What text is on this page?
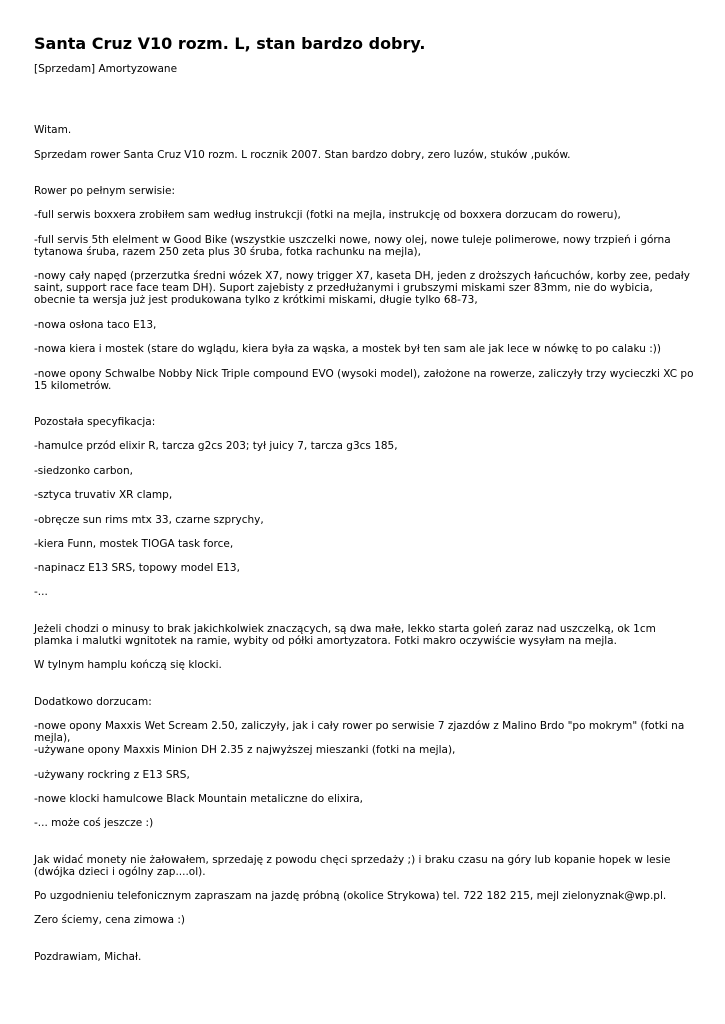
Santa Cruz V10 rozm. L, stan bardzo dobry.
[Sprzedam] Amortyzowane

Witam.

Sprzedam rower Santa Cruz V10 rozm. L rocznik 2007. Stan bardzo dobry, zero luzów, stuków ,puków.

Rower po pełnym serwisie:

-full serwis boxxera zrobiłem sam według instrukcji (fotki na mejla, instrukcję od boxxera dorzucam do roweru),

-full servis 5th elelment w Good Bike (wszystkie uszczelki nowe, nowy olej, nowe tuleje polimerowe, nowy trzpień i górna tytanowa śruba, razem 250 zeta plus 30 śruba, fotka rachunku na mejla),

-nowy cały napęd (przerzutka średni wózek X7, nowy trigger X7, kaseta DH, jeden z droższych łańcuchów, korby zee, pedały saint, support race face team DH). Suport zajebisty z przedłużanymi i grubszymi miskami szer 83mm, nie do wybicia, obecnie ta wersja już jest produkowana tylko z krótkimi miskami, długie tylko 68-73,

-nowa osłona taco E13,

-nowa kiera i mostek (stare do wglądu, kiera była za wąska, a mostek był ten sam ale jak lece w nówkę to po calaku :))

-nowe opony Schwalbe Nobby Nick Triple compound EVO (wysoki model), założone na rowerze, zaliczyły trzy wycieczki XC po 15 kilometrów.

Pozostała specyfikacja:

-hamulce przód elixir R, tarcza g2cs 203; tył juicy 7, tarcza g3cs 185,

-siedzonko carbon,

-sztyca truvativ XR clamp,

-obręcze sun rims mtx 33, czarne szprychy,

-kiera Funn, mostek TIOGA task force,

-napinacz E13 SRS, topowy model E13,

-...

Jeżeli chodzi o minusy to brak jakichkolwiek znaczących, są dwa małe, lekko starta goleń zaraz nad uszczelką, ok 1cm plamka i malutki wgnitotek na ramie, wybity od półki amortyzatora. Fotki makro oczywiście wysyłam na mejla.

W tylnym hamplu kończą się klocki.

Dodatkowo dorzucam:

-nowe opony Maxxis Wet Scream 2.50, zaliczyły, jak i cały rower po serwisie 7 zjazdów z Malino Brdo "po mokrym" (fotki na mejla),

-używane opony Maxxis Minion DH 2.35 z najwyższej mieszanki (fotki na mejla),

-używany rockring z E13 SRS,

-nowe klocki hamulcowe Black Mountain metaliczne do elixira,

-... może coś jeszcze :)

Jak widać monety nie żałowałem, sprzedaję z powodu chęci sprzedaży ;) i braku czasu na góry lub kopanie hopek w lesie (dwójka dzieci i ogólny zap....ol).

Po uzgodnieniu telefonicznym zapraszam na jazdę próbną (okolice Strykowa) tel. 722 182 215, mejl zielonyznak@wp.pl.

Zero ściemy, cena zimowa :)

Pozdrawiam, Michał.
